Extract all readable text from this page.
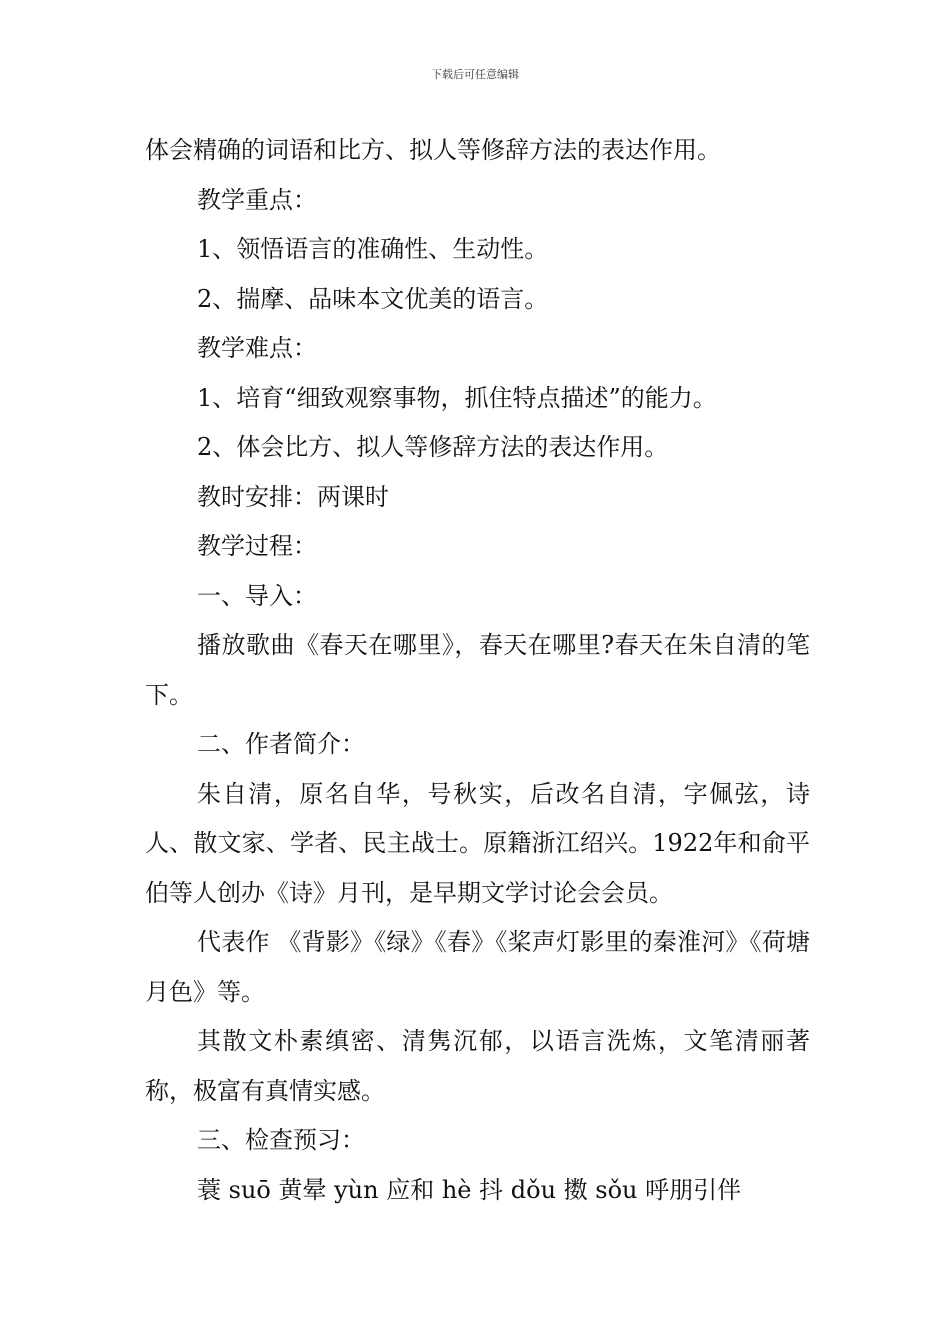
下载后可任意编辑

体会精确的词语和比方、拟人等修辞方法的表达作用。

教学重点：

1、领悟语言的准确性、生动性。

2、揣摩、品味本文优美的语言。

教学难点：

1、培育“细致观察事物，抓住特点描述”的能力。

2、体会比方、拟人等修辞方法的表达作用。

教时安排：两课时

教学过程：

一、导入：

播放歌曲《春天在哪里》，春天在哪里?春天在朱自清的笔下。

二、作者简介：

朱自清，原名自华，号秋实，后改名自清，字佩弦，诗人、散文家、学者、民主战士。原籍浙江绍兴。1922年和俞平伯等人创办《诗》月刊，是早期文学讨论会会员。

代表作 《背影》《绿》《春》《桨声灯影里的秦淮河》《荷塘月色》等。

其散文朴素缜密、清隽沉郁，以语言洗炼，文笔清丽著称，极富有真情实感。

三、检查预习：

蓑 suō 黄晕 yùn 应和 hè 抖 dǒu 擞 sǒu 呼朋引伴
